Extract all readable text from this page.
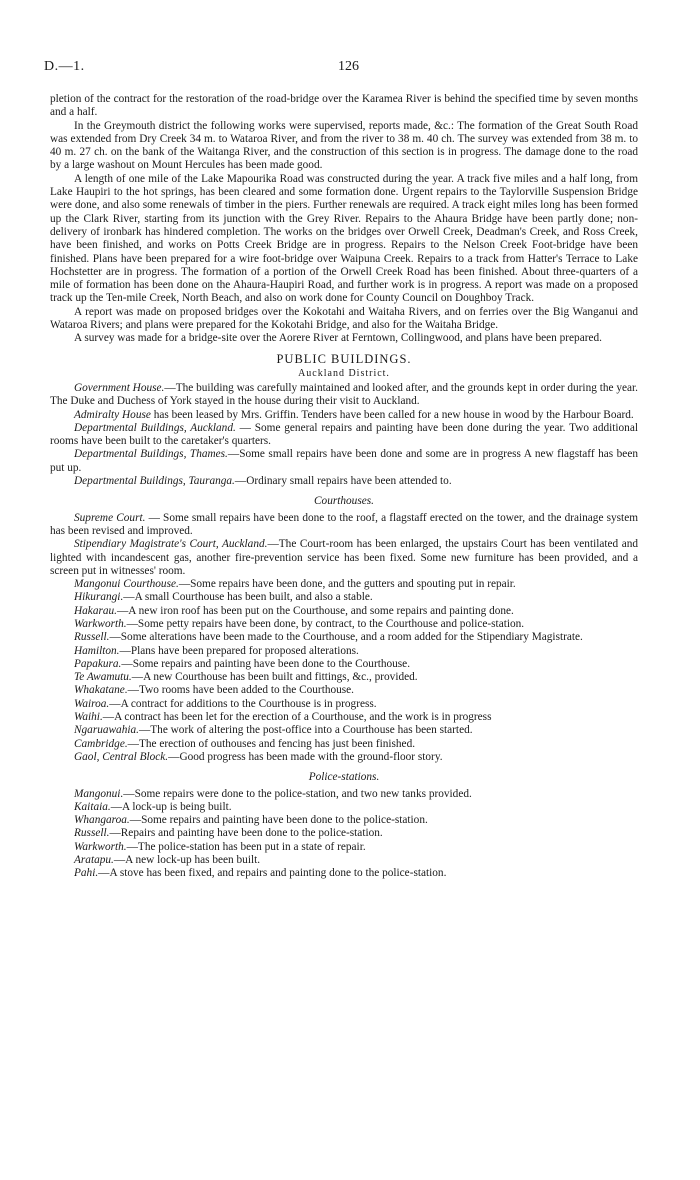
D.—1.	126

pletion of the contract for the restoration of the road-bridge over the Karamea River is behind the specified time by seven months and a half.

In the Greymouth district the following works were supervised, reports made, &c.: The formation of the Great South Road was extended from Dry Creek 34 m. to Wataroa River, and from the river to 38 m. 40 ch. The survey was extended from 38 m. to 40 m. 27 ch. on the bank of the Waitanga River, and the construction of this section is in progress. The damage done to the road by a large washout on Mount Hercules has been made good.

A length of one mile of the Lake Mapourika Road was constructed during the year. A track five miles and a half long, from Lake Haupiri to the hot springs, has been cleared and some formation done. Urgent repairs to the Taylorville Suspension Bridge were done, and also some renewals of timber in the piers. Further renewals are required. A track eight miles long has been formed up the Clark River, starting from its junction with the Grey River. Repairs to the Ahaura Bridge have been partly done; non-delivery of ironbark has hindered completion. The works on the bridges over Orwell Creek, Deadman's Creek, and Ross Creek, have been finished, and works on Potts Creek Bridge are in progress. Repairs to the Nelson Creek Foot-bridge have been finished. Plans have been prepared for a wire foot-bridge over Waipuna Creek. Repairs to a track from Hatter's Terrace to Lake Hochstetter are in progress. The formation of a portion of the Orwell Creek Road has been finished. About three-quarters of a mile of formation has been done on the Ahaura-Haupiri Road, and further work is in progress. A report was made on a proposed track up the Ten-mile Creek, North Beach, and also on work done for County Council on Doughboy Track.

A report was made on proposed bridges over the Kokotahi and Waitaha Rivers, and on ferries over the Big Wanganui and Wataroa Rivers; and plans were prepared for the Kokotahi Bridge, and also for the Waitaha Bridge.

A survey was made for a bridge-site over the Aorere River at Ferntown, Collingwood, and plans have been prepared.

PUBLIC BUILDINGS.

Auckland District.

Government House.—The building was carefully maintained and looked after, and the grounds kept in order during the year. The Duke and Duchess of York stayed in the house during their visit to Auckland.

Admiralty House has been leased by Mrs. Griffin. Tenders have been called for a new house in wood by the Harbour Board.

Departmental Buildings, Auckland. — Some general repairs and painting have been done during the year. Two additional rooms have been built to the caretaker's quarters.

Departmental Buildings, Thames.—Some small repairs have been done and some are in progress A new flagstaff has been put up.

Departmental Buildings, Tauranga.—Ordinary small repairs have been attended to.

Courthouses.

Supreme Court. — Some small repairs have been done to the roof, a flagstaff erected on the tower, and the drainage system has been revised and improved.

Stipendiary Magistrate's Court, Auckland.—The Court-room has been enlarged, the upstairs Court has been ventilated and lighted with incandescent gas, another fire-prevention service has been fixed. Some new furniture has been provided, and a screen put in witnesses' room.

Mangonui Courthouse.—Some repairs have been done, and the gutters and spouting put in repair.

Hikurangi.—A small Courthouse has been built, and also a stable.

Hakarau.—A new iron roof has been put on the Courthouse, and some repairs and painting done.

Warkworth.—Some petty repairs have been done, by contract, to the Courthouse and police-station.

Russell.—Some alterations have been made to the Courthouse, and a room added for the Stipendiary Magistrate.

Hamilton.—Plans have been prepared for proposed alterations.

Papakura.—Some repairs and painting have been done to the Courthouse.

Te Awamutu.—A new Courthouse has been built and fittings, &c., provided.

Whakatane.—Two rooms have been added to the Courthouse.

Wairoa.—A contract for additions to the Courthouse is in progress.

Waihi.—A contract has been let for the erection of a Courthouse, and the work is in progress

Ngaruawahia.—The work of altering the post-office into a Courthouse has been started.

Cambridge.—The erection of outhouses and fencing has just been finished.

Gaol, Central Block.—Good progress has been made with the ground-floor story.

Police-stations.

Mangonui.—Some repairs were done to the police-station, and two new tanks provided.

Kaitaia.—A lock-up is being built.

Whangaroa.—Some repairs and painting have been done to the police-station.

Russell.—Repairs and painting have been done to the police-station.

Warkworth.—The police-station has been put in a state of repair.

Aratapu.—A new lock-up has been built.

Pahi.—A stove has been fixed, and repairs and painting done to the police-station.
